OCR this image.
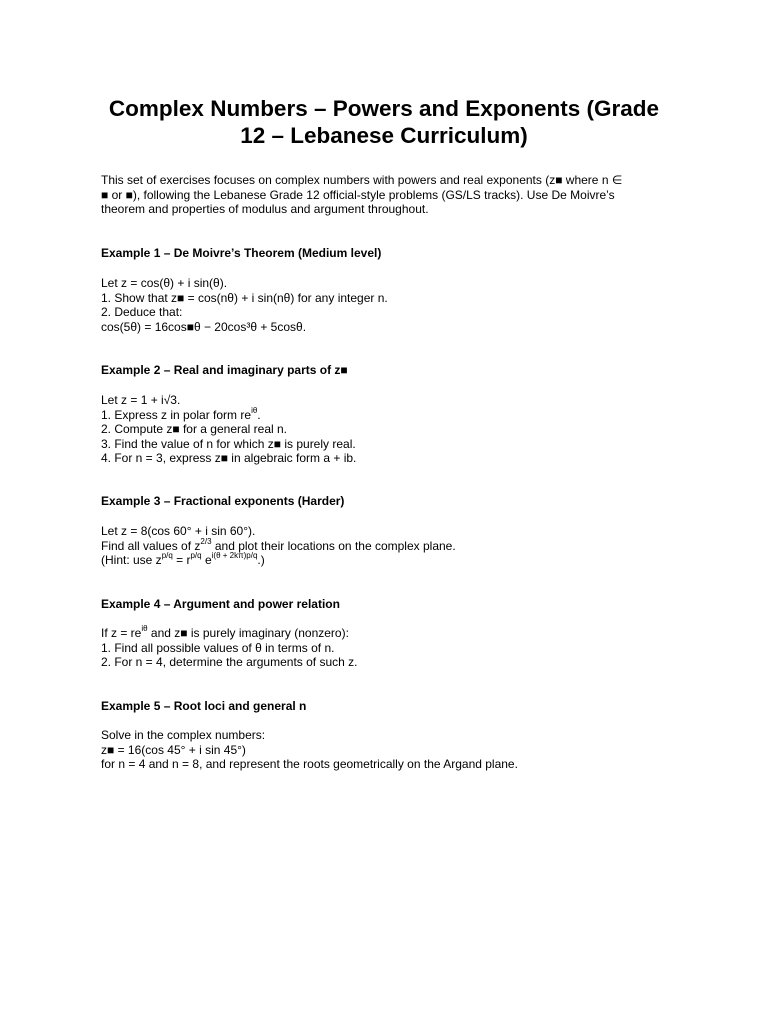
Complex Numbers – Powers and Exponents (Grade
12 – Lebanese Curriculum)
This set of exercises focuses on complex numbers with powers and real exponents (z■ where n ∈
■ or ■), following the Lebanese Grade 12 official-style problems (GS/LS tracks). Use De Moivre’s
theorem and properties of modulus and argument throughout.
Example 1 – De Moivre’s Theorem (Medium level)
Let z = cos(θ) + i sin(θ).
1. Show that z■ = cos(nθ) + i sin(nθ) for any integer n.
2. Deduce that:
cos(5θ) = 16cos■θ − 20cos³θ + 5cosθ.
Example 2 – Real and imaginary parts of z■
Let z = 1 + i√3.
1. Express z in polar form $re^{i\theta}$.
2. Compute z■ for a general real n.
3. Find the value of n for which z■ is purely real.
4. For n = 3, express z■ in algebraic form a + ib.
Example 3 – Fractional exponents (Harder)
Let z = 8(cos 60° + i sin 60°).
Find all values of $z^{2/3}$ and plot their locations on the complex plane.
(Hint: use $z^{p/q} = r^{p/q}$ $e^{i(\theta + 2k\pi)p/q}$.)
Example 4 – Argument and power relation
If $z = re^{i\theta}$ and z■ is purely imaginary (nonzero):
1. Find all possible values of θ in terms of n.
2. For n = 4, determine the arguments of such z.
Example 5 – Root loci and general n
Solve in the complex numbers:
z■ = 16(cos 45° + i sin 45°)
for n = 4 and n = 8, and represent the roots geometrically on the Argand plane.
